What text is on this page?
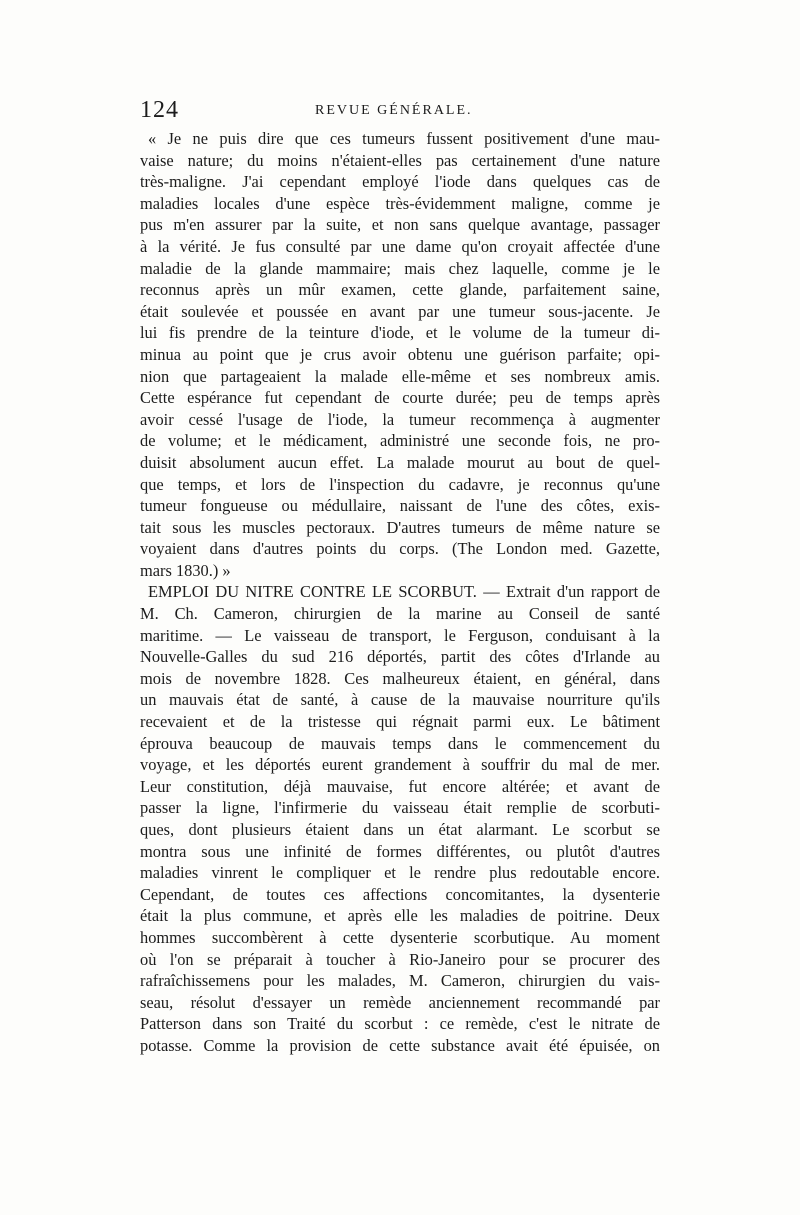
124	REVUE GÉNÉRALE.
« Je ne puis dire que ces tumeurs fussent positivement d'une mau-
vaise nature; du moins n'étaient-elles pas certainement d'une nature
très-maligne. J'ai cependant employé l'iode dans quelques cas de
maladies locales d'une espèce très-évidemment maligne, comme je
pus m'en assurer par la suite, et non sans quelque avantage, passager
à la vérité. Je fus consulté par une dame qu'on croyait affectée d'une
maladie de la glande mammaire; mais chez laquelle, comme je le
reconnus après un mûr examen, cette glande, parfaitement saine,
était soulevée et poussée en avant par une tumeur sous-jacente. Je
lui fis prendre de la teinture d'iode, et le volume de la tumeur di-
minua au point que je crus avoir obtenu une guérison parfaite; opi-
nion que partageaient la malade elle-même et ses nombreux amis.
Cette espérance fut cependant de courte durée; peu de temps après
avoir cessé l'usage de l'iode, la tumeur recommença à augmenter
de volume; et le médicament, administré une seconde fois, ne pro-
duisit absolument aucun effet. La malade mourut au bout de quel-
que temps, et lors de l'inspection du cadavre, je reconnus qu'une
tumeur fongueuse ou médullaire, naissant de l'une des côtes, exis-
tait sous les muscles pectoraux. D'autres tumeurs de même nature se
voyaient dans d'autres points du corps. (The London med. Gazette,
mars 1830.) »
EMPLOI DU NITRE CONTRE LE SCORBUT. — Extrait d'un rapport de
M. Ch. Cameron, chirurgien de la marine au Conseil de santé
maritime. — Le vaisseau de transport, le Ferguson, conduisant à la
Nouvelle-Galles du sud 216 déportés, partit des côtes d'Irlande au
mois de novembre 1828. Ces malheureux étaient, en général, dans
un mauvais état de santé, à cause de la mauvaise nourriture qu'ils
recevaient et de la tristesse qui régnait parmi eux. Le bâtiment
éprouva beaucoup de mauvais temps dans le commencement du
voyage, et les déportés eurent grandement à souffrir du mal de mer.
Leur constitution, déjà mauvaise, fut encore altérée; et avant de
passer la ligne, l'infirmerie du vaisseau était remplie de scorbuti-
ques, dont plusieurs étaient dans un état alarmant. Le scorbut se
montra sous une infinité de formes différentes, ou plutôt d'autres
maladies vinrent le compliquer et le rendre plus redoutable encore.
Cependant, de toutes ces affections concomitantes, la dysenterie
était la plus commune, et après elle les maladies de poitrine. Deux
hommes succombèrent à cette dysenterie scorbutique. Au moment
où l'on se préparait à toucher à Rio-Janeiro pour se procurer des
rafraîchissemens pour les malades, M. Cameron, chirurgien du vais-
seau, résolut d'essayer un remède anciennement recommandé par
Patterson dans son Traité du scorbut : ce remède, c'est le nitrate de
potasse. Comme la provision de cette substance avait été épuisée, on
